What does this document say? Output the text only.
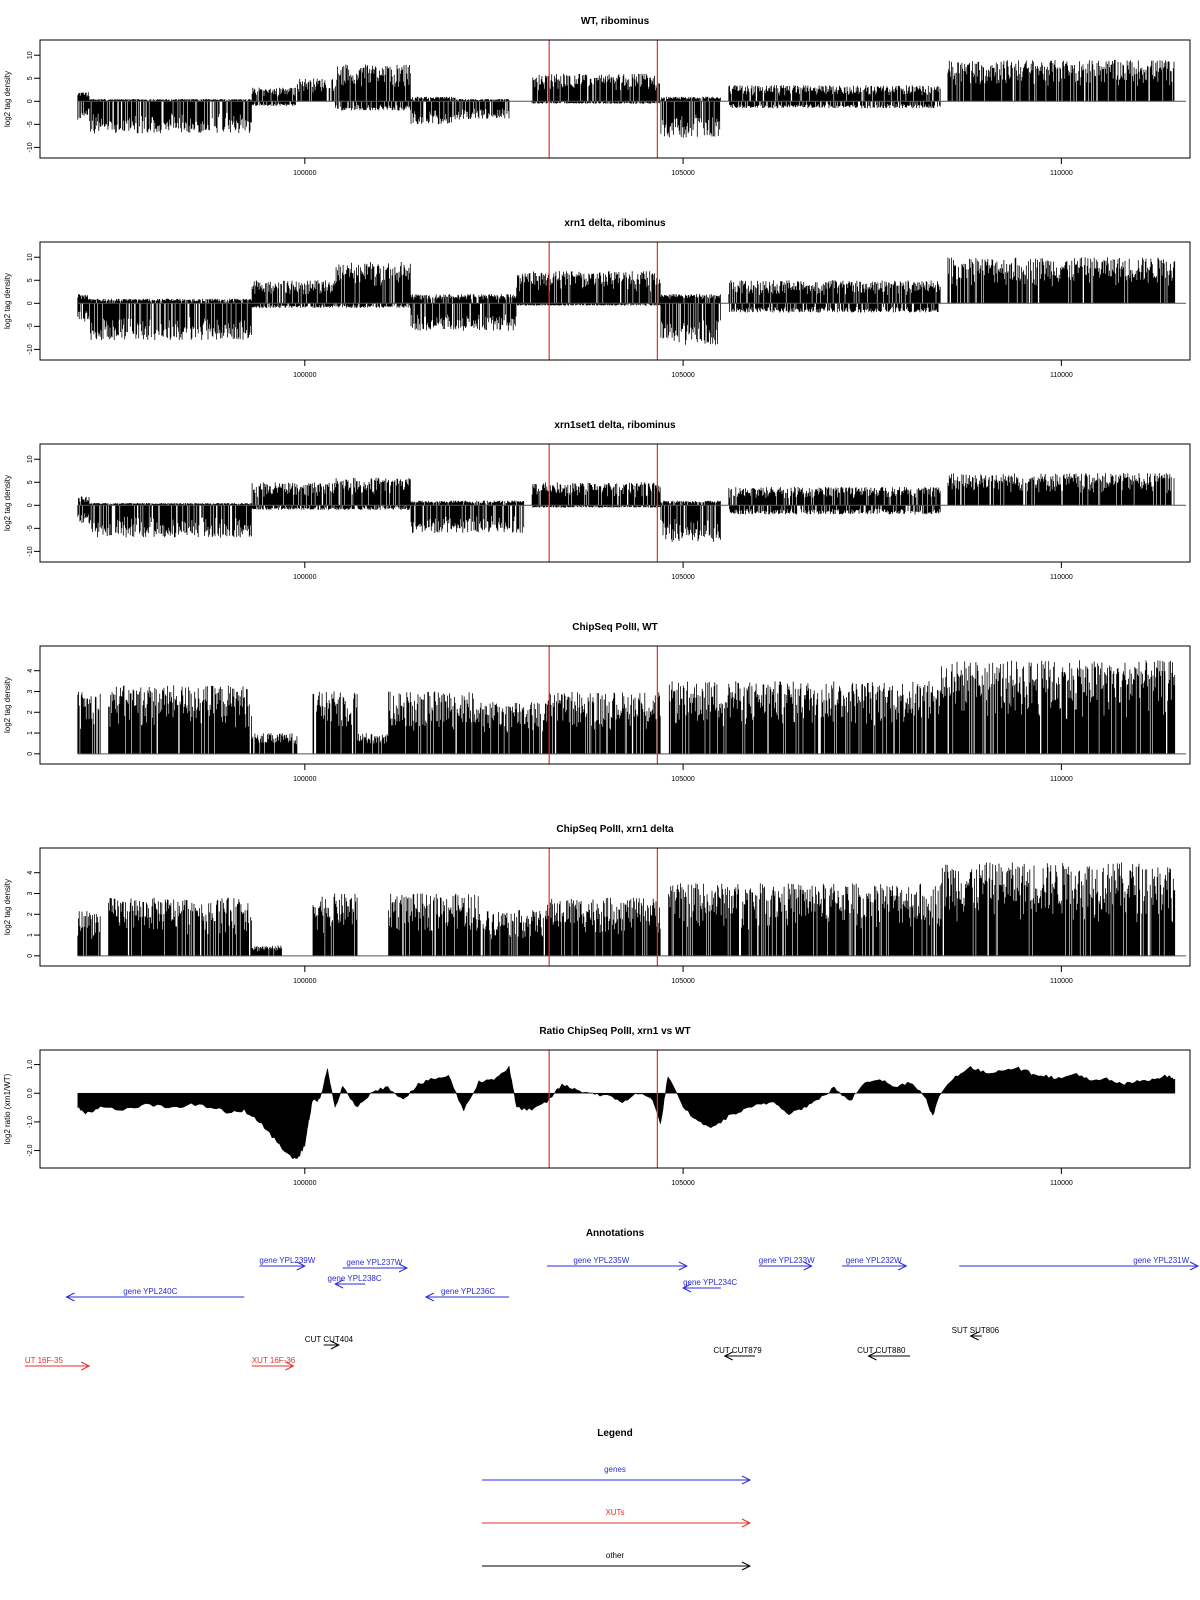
WT, ribominus
-10
-5
0
5
10
log2 tag density
100000	105000	110000
xrn1 delta, ribominus
-10
-5
0
5
10
log2 tag density
100000	105000	110000
xrn1set1 delta, ribominus
-10
-5
0
5
10
log2 tag density
100000	105000	110000
ChipSeq PolII, WT
0
1
2
3
4
log2 tag density
100000	105000	110000
ChipSeq PolII, xrn1 delta
0
1
2
3
4
log2 tag density
100000	105000	110000
Ratio ChipSeq PolII, xrn1 vs WT
-2.0
-1.0
0.0
1.0
log2 ratio (xrn1/WT)
100000	105000	110000
Annotations
gene YPL240C
gene YPL239W
gene YPL238C
gene YPL237W
gene YPL236C
gene YPL235W
gene YPL234C
gene YPL233W	gene YPL232W	gene YPL231W
CUT CUT404
CUT CUT879	CUT CUT880
SUT SUT806
UT 16F-35	XUT 16F-36
Legend
genes
XUTs
other
